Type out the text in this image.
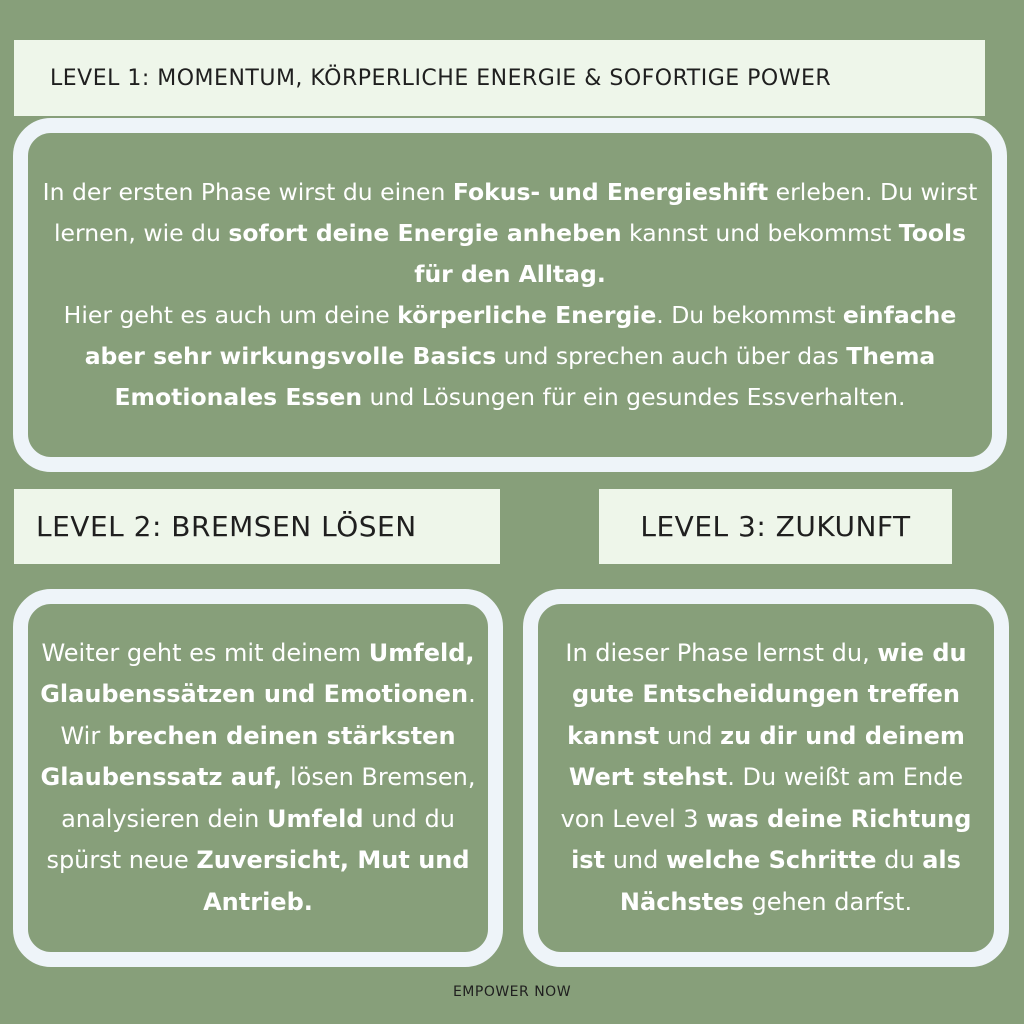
LEVEL 1: MOMENTUM, KÖRPERLICHE ENERGIE & SOFORTIGE POWER

In der ersten Phase wirst du einen Fokus- und Energieshift erleben. Du wirst lernen, wie du sofort deine Energie anheben kannst und bekommst Tools für den Alltag.
Hier geht es auch um deine körperliche Energie. Du bekommst einfache aber sehr wirkungsvolle Basics und sprechen auch über das Thema Emotionales Essen und Lösungen für ein gesundes Essverhalten.

LEVEL 2: BREMSEN LÖSEN	LEVEL 3: ZUKUNFT

Weiter geht es mit deinem Umfeld, Glaubenssätzen und Emotionen. Wir brechen deinen stärksten Glaubenssatz auf, lösen Bremsen, analysieren dein Umfeld und du spürst neue Zuversicht, Mut und Antrieb.

In dieser Phase lernst du, wie du gute Entscheidungen treffen kannst und zu dir und deinem Wert stehst. Du weißt am Ende von Level 3 was deine Richtung ist und welche Schritte du als Nächstes gehen darfst.

EMPOWER NOW
